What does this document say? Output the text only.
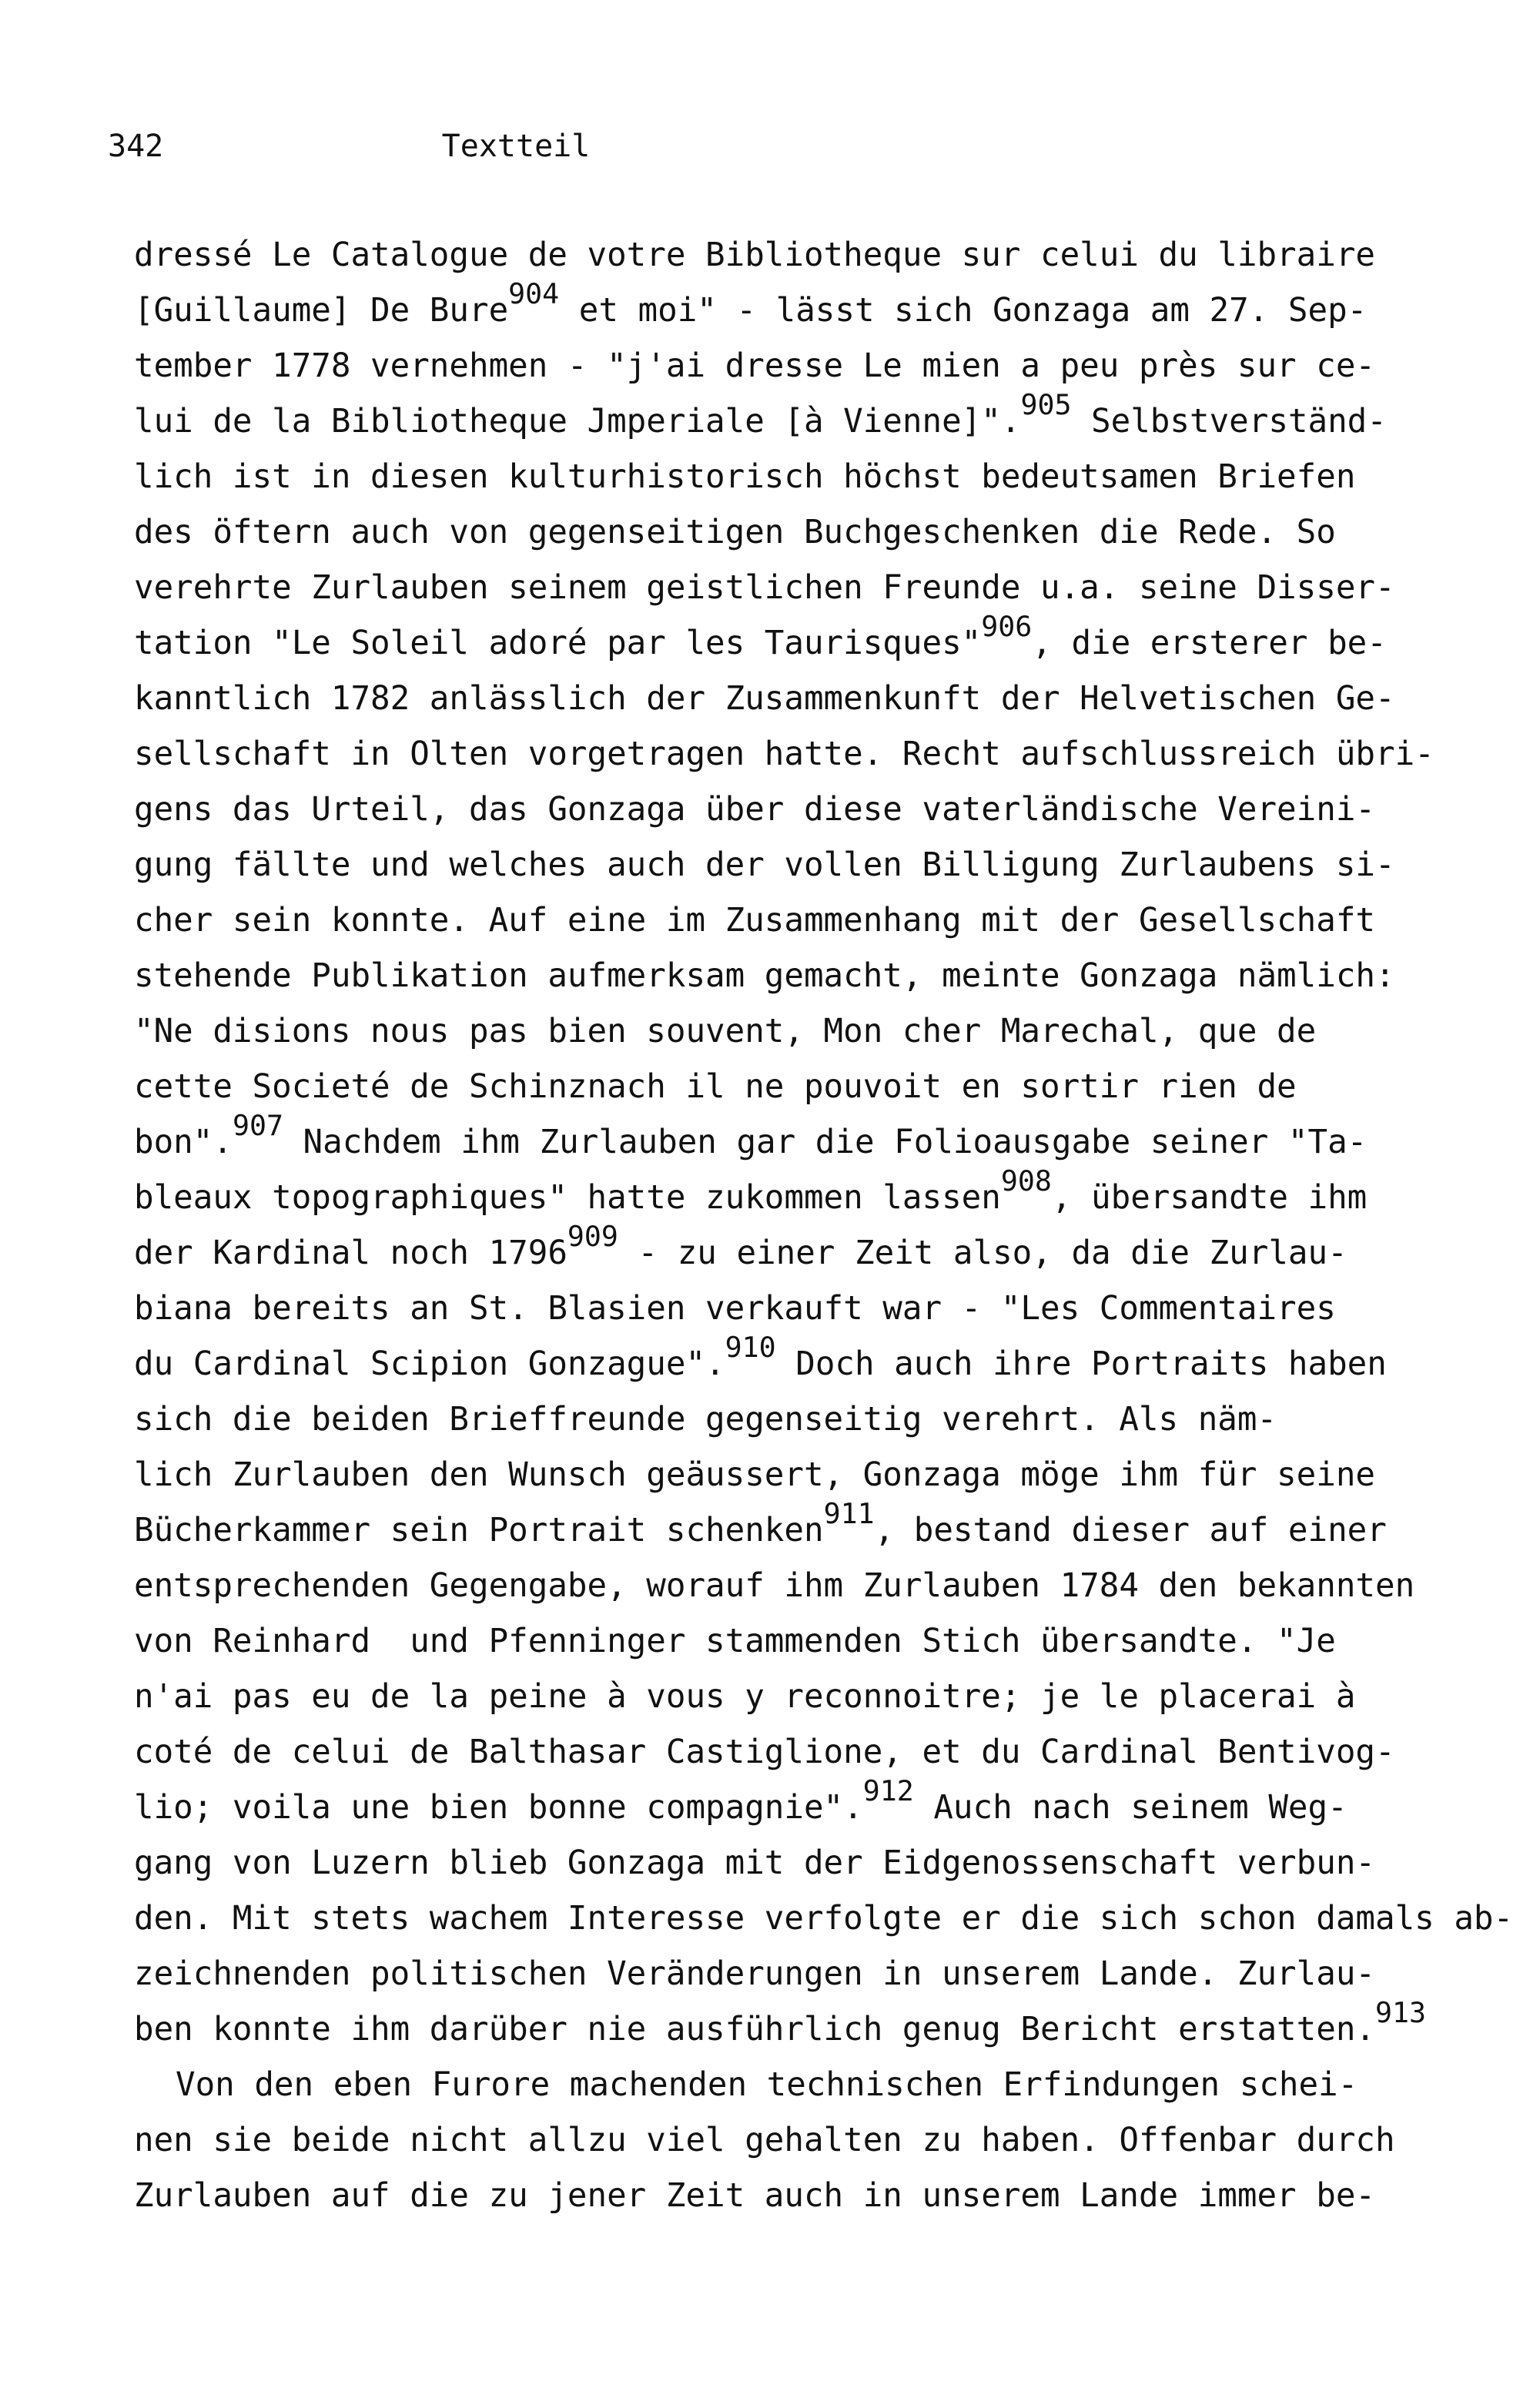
342	Textteil
dressé Le Catalogue de votre Bibliotheque sur celui du libraire
[Guillaume] De Bure904 et moi" - lässt sich Gonzaga am 27. Sep-
tember 1778 vernehmen - "j'ai dresse Le mien a peu près sur ce-
lui de la Bibliotheque Jmperiale [à Vienne]".905 Selbstverständ-
lich ist in diesen kulturhistorisch höchst bedeutsamen Briefen
des öftern auch von gegenseitigen Buchgeschenken die Rede. So
verehrte Zurlauben seinem geistlichen Freunde u.a. seine Disser-
tation "Le Soleil adoré par les Taurisques"906, die ersterer be-
kanntlich 1782 anlässlich der Zusammenkunft der Helvetischen Ge-
sellschaft in Olten vorgetragen hatte. Recht aufschlussreich übri-
gens das Urteil, das Gonzaga über diese vaterländische Vereini-
gung fällte und welches auch der vollen Billigung Zurlaubens si-
cher sein konnte. Auf eine im Zusammenhang mit der Gesellschaft
stehende Publikation aufmerksam gemacht, meinte Gonzaga nämlich:
"Ne disions nous pas bien souvent, Mon cher Marechal, que de
cette Societé de Schinznach il ne pouvoit en sortir rien de
bon".907 Nachdem ihm Zurlauben gar die Folioausgabe seiner "Ta-
bleaux topographiques" hatte zukommen lassen908, übersandte ihm
der Kardinal noch 1796909 - zu einer Zeit also, da die Zurlau-
biana bereits an St. Blasien verkauft war - "Les Commentaires
du Cardinal Scipion Gonzague".910 Doch auch ihre Portraits haben
sich die beiden Brieffreunde gegenseitig verehrt. Als näm-
lich Zurlauben den Wunsch geäussert, Gonzaga möge ihm für seine
Bücherkammer sein Portrait schenken911, bestand dieser auf einer
entsprechenden Gegengabe, worauf ihm Zurlauben 1784 den bekannten
von Reinhard  und Pfenninger stammenden Stich übersandte. "Je
n'ai pas eu de la peine à vous y reconnoitre; je le placerai à
coté de celui de Balthasar Castiglione, et du Cardinal Bentivog-
lio; voila une bien bonne compagnie".912 Auch nach seinem Weg-
gang von Luzern blieb Gonzaga mit der Eidgenossenschaft verbun-
den. Mit stets wachem Interesse verfolgte er die sich schon damals ab-
zeichnenden politischen Veränderungen in unserem Lande. Zurlau-
ben konnte ihm darüber nie ausführlich genug Bericht erstatten.913
Von den eben Furore machenden technischen Erfindungen schei-
nen sie beide nicht allzu viel gehalten zu haben. Offenbar durch
Zurlauben auf die zu jener Zeit auch in unserem Lande immer be-
